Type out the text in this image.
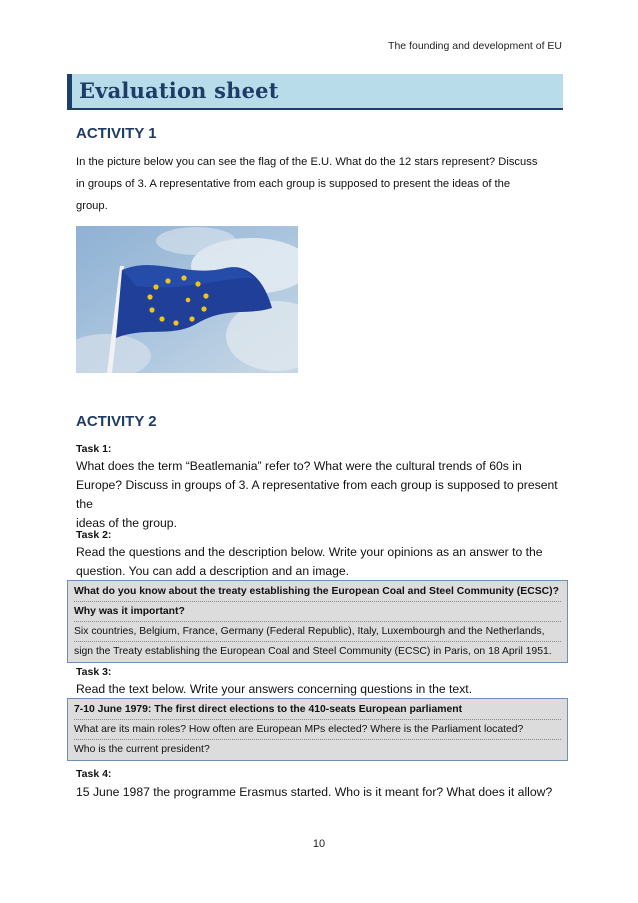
The founding and development of EU
Evaluation sheet
ACTIVITY 1
In the picture below you can see the flag of the E.U. What do the 12 stars represent? Discuss
in groups of 3. A representative from each group is supposed to present the ideas of the
group.
ACTIVITY 2
Task 1:
What does the term “Beatlemania” refer to? What were the cultural trends of 60s in
Europe? Discuss in groups of 3. A representative from each group is supposed to present the
ideas of the group.
Task 2:
Read the questions and the description below. Write your opinions as an answer to the
question. You can add a description and an image.
What do you know about the treaty establishing the European Coal and Steel Community (ECSC)?
Why was it important?
Six countries, Belgium, France, Germany (Federal Republic), Italy, Luxembourgh and the Netherlands,
sign the Treaty establishing the European Coal and Steel Community (ECSC) in Paris, on 18 April 1951.
Task 3:
Read the text below. Write your answers concerning questions in the text.
7-10 June 1979: The first direct elections to the 410-seats European parliament
What are its main roles? How often are European MPs elected? Where is the Parliament located?
Who is the current president?
Task 4:
15 June 1987 the programme Erasmus started. Who is it meant for? What does it allow?
10
